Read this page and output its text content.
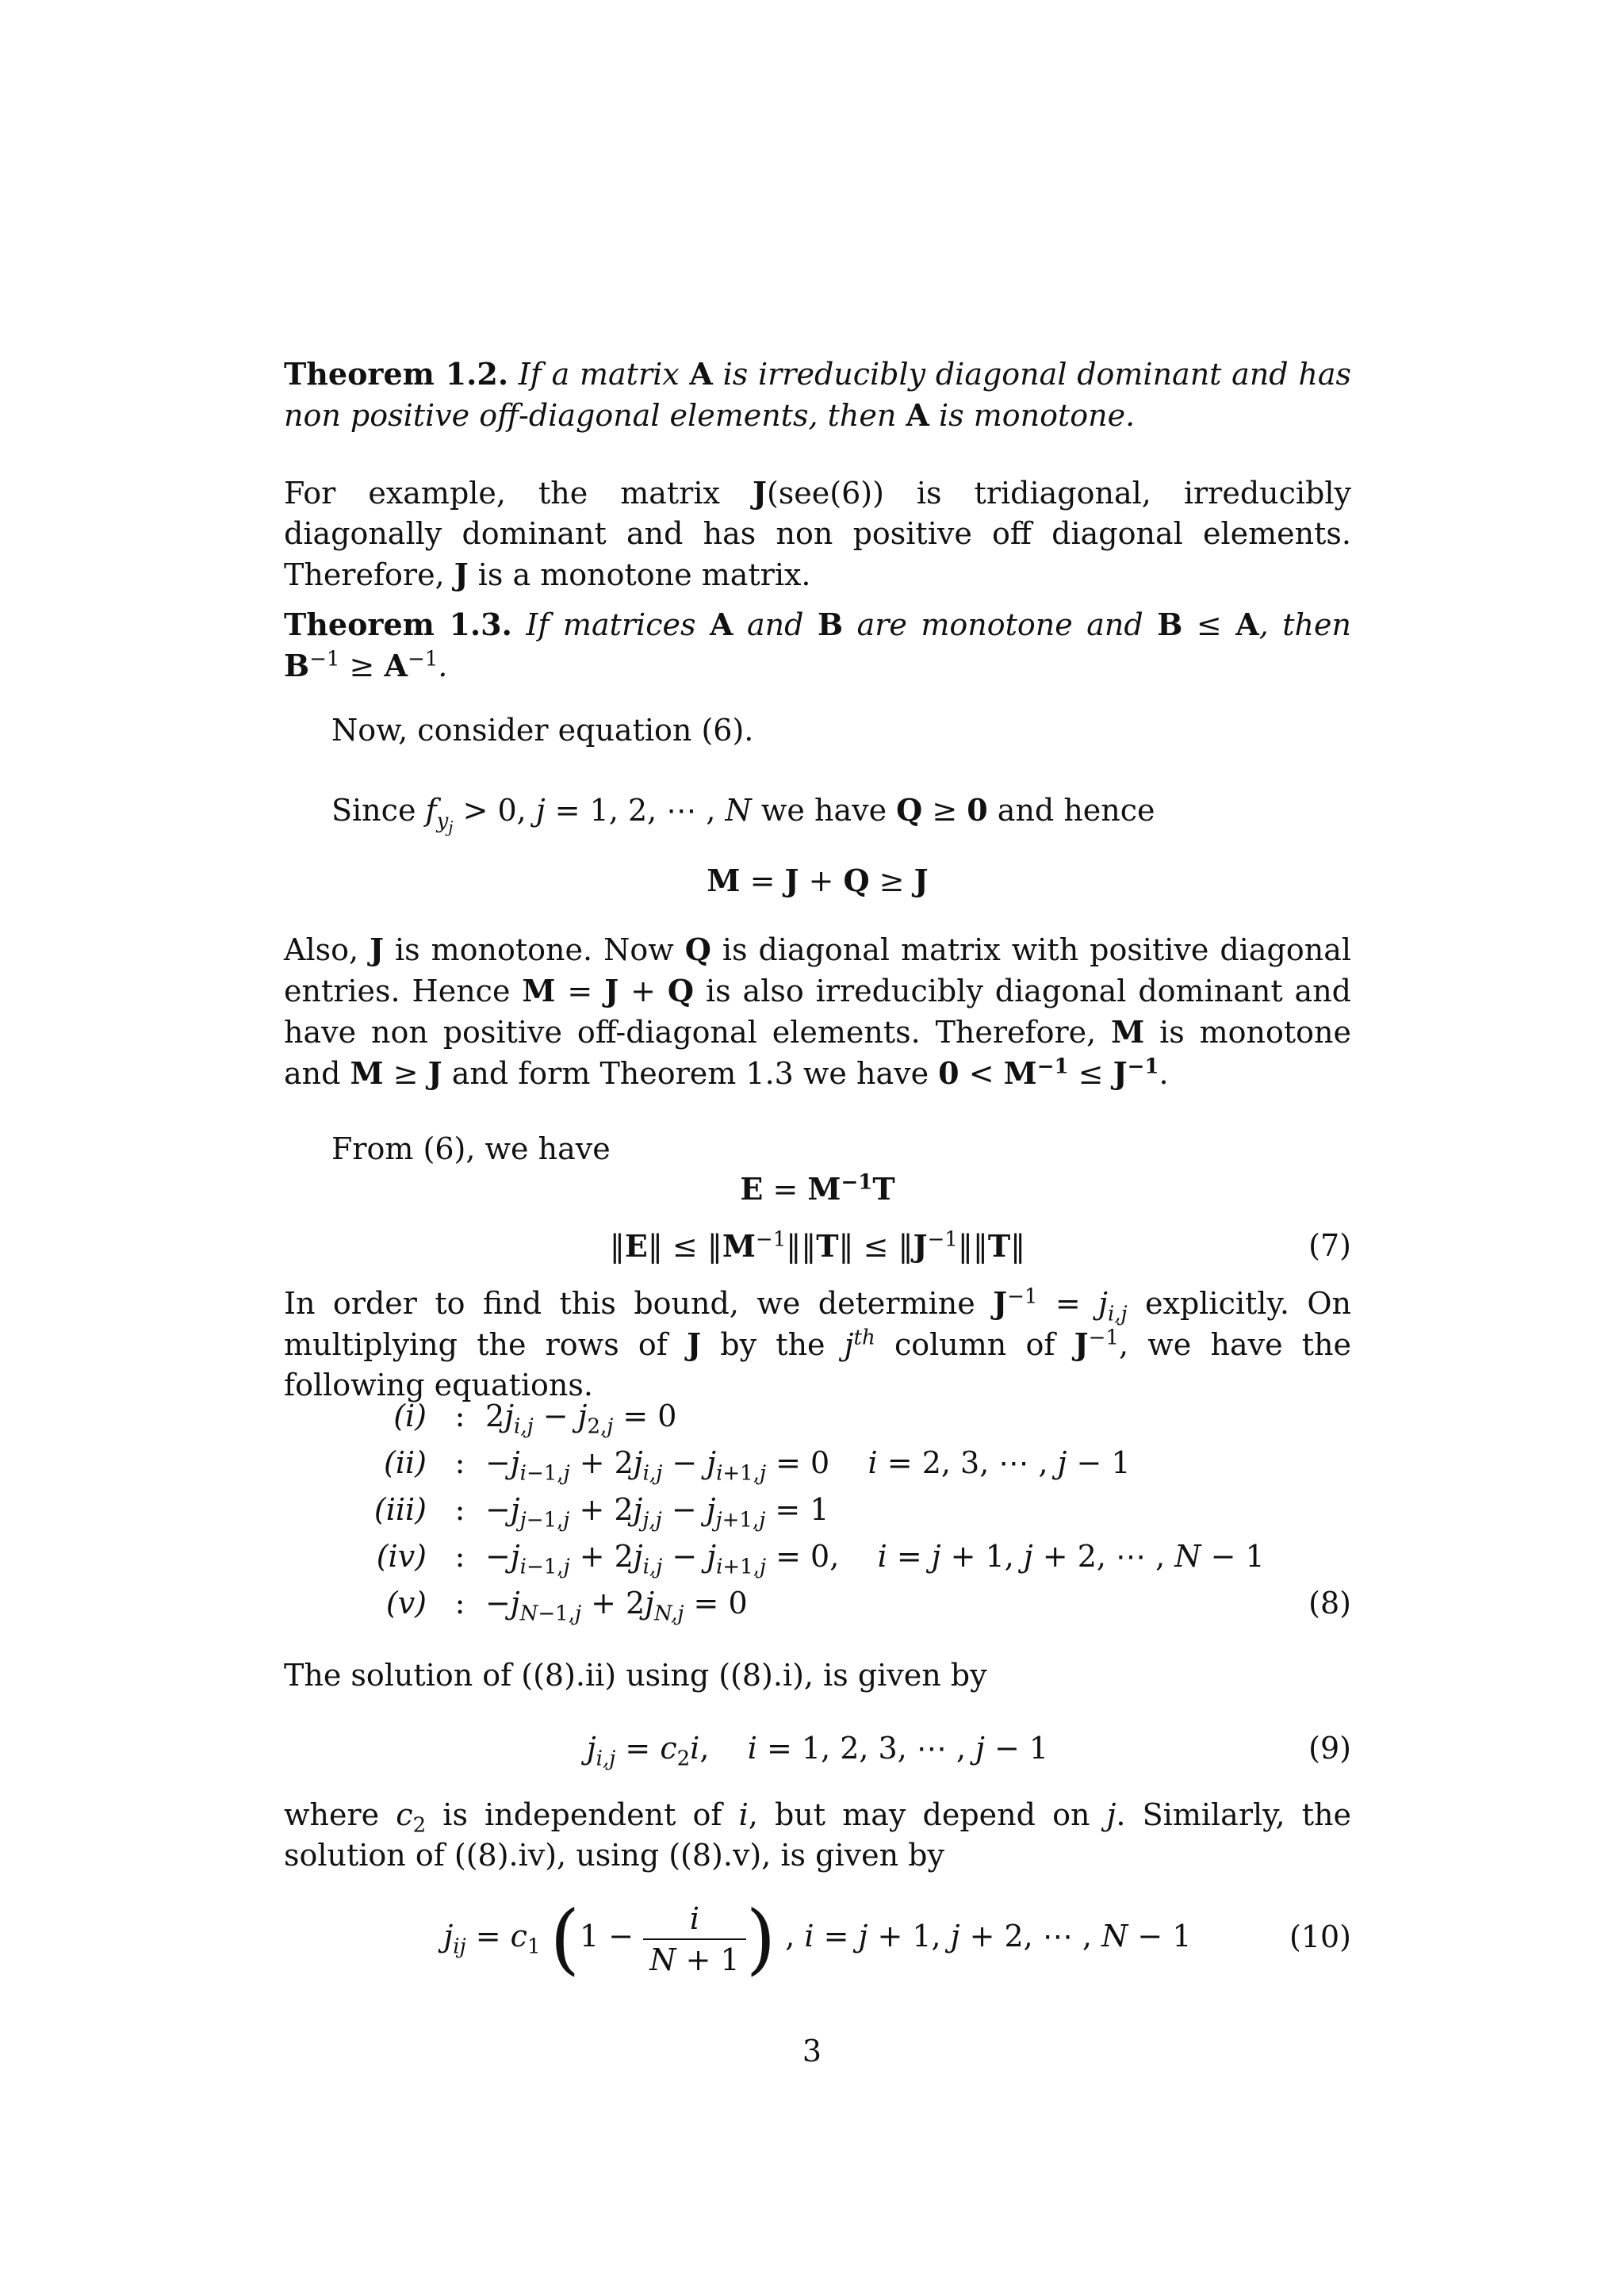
Theorem 1.2. If a matrix A is irreducibly diagonal dominant and has non positive off-diagonal elements, then A is monotone.
For example, the matrix J(see(6)) is tridiagonal, irreducibly diagonally dominant and has non positive off diagonal elements. Therefore, J is a monotone matrix.
Theorem 1.3. If matrices A and B are monotone and B ≤ A, then $B^{-1} \ge A^{-1}$.
Now, consider equation (6).
Since $f_{y_j} > 0$, j = 1, 2, ⋯ , N we have Q ≥ 0 and hence
M = J + Q ≥ J
Also, J is monotone. Now Q is diagonal matrix with positive diagonal entries. Hence M = J + Q is also irreducibly diagonal dominant and have non positive off-diagonal elements. Therefore, M is monotone and M ≥ J and form Theorem 1.3 we have $0 < M^{-1} \le J^{-1}$.
From (6), we have
$E = M^{-1}T$
‖E‖ ≤ $‖M^{-1}‖‖T‖$ ≤ $‖J^{-1}‖‖T‖$	(7)
In order to find this bound, we determine $J^{-1} = j_{i,j}$ explicitly. On multiplying the rows of J by the $j^{th}$ column of $J^{-1}$, we have the following equations.
(i) : $2j_{i,j} - j_{2,j} = 0$
(ii) : $-j_{i-1,j} + 2j_{i,j} - j_{i+1,j} = 0$    i = 2, 3, ⋯ , j − 1
(iii) : $-j_{j-1,j} + 2j_{j,j} - j_{j+1,j} = 1$
(iv) : $-j_{i-1,j} + 2j_{i,j} - j_{i+1,j} = 0$,    i = j + 1, j + 2, ⋯ , N − 1
(v) : $-j_{N-1,j} + 2j_{N,j} = 0$	(8)
The solution of ((8).ii) using ((8).i), is given by
$j_{i,j} = c_2i$,    i = 1, 2, 3, ⋯ , j − 1	(9)
where $c_2$ is independent of i, but may depend on j. Similarly, the solution of ((8).iv), using ((8).v), is given by
$j_{ij} = c_1$ ($1 - \frac{i}{N + 1}$ ) , i = j + 1, j + 2, ⋯ , N − 1	(10)
3
